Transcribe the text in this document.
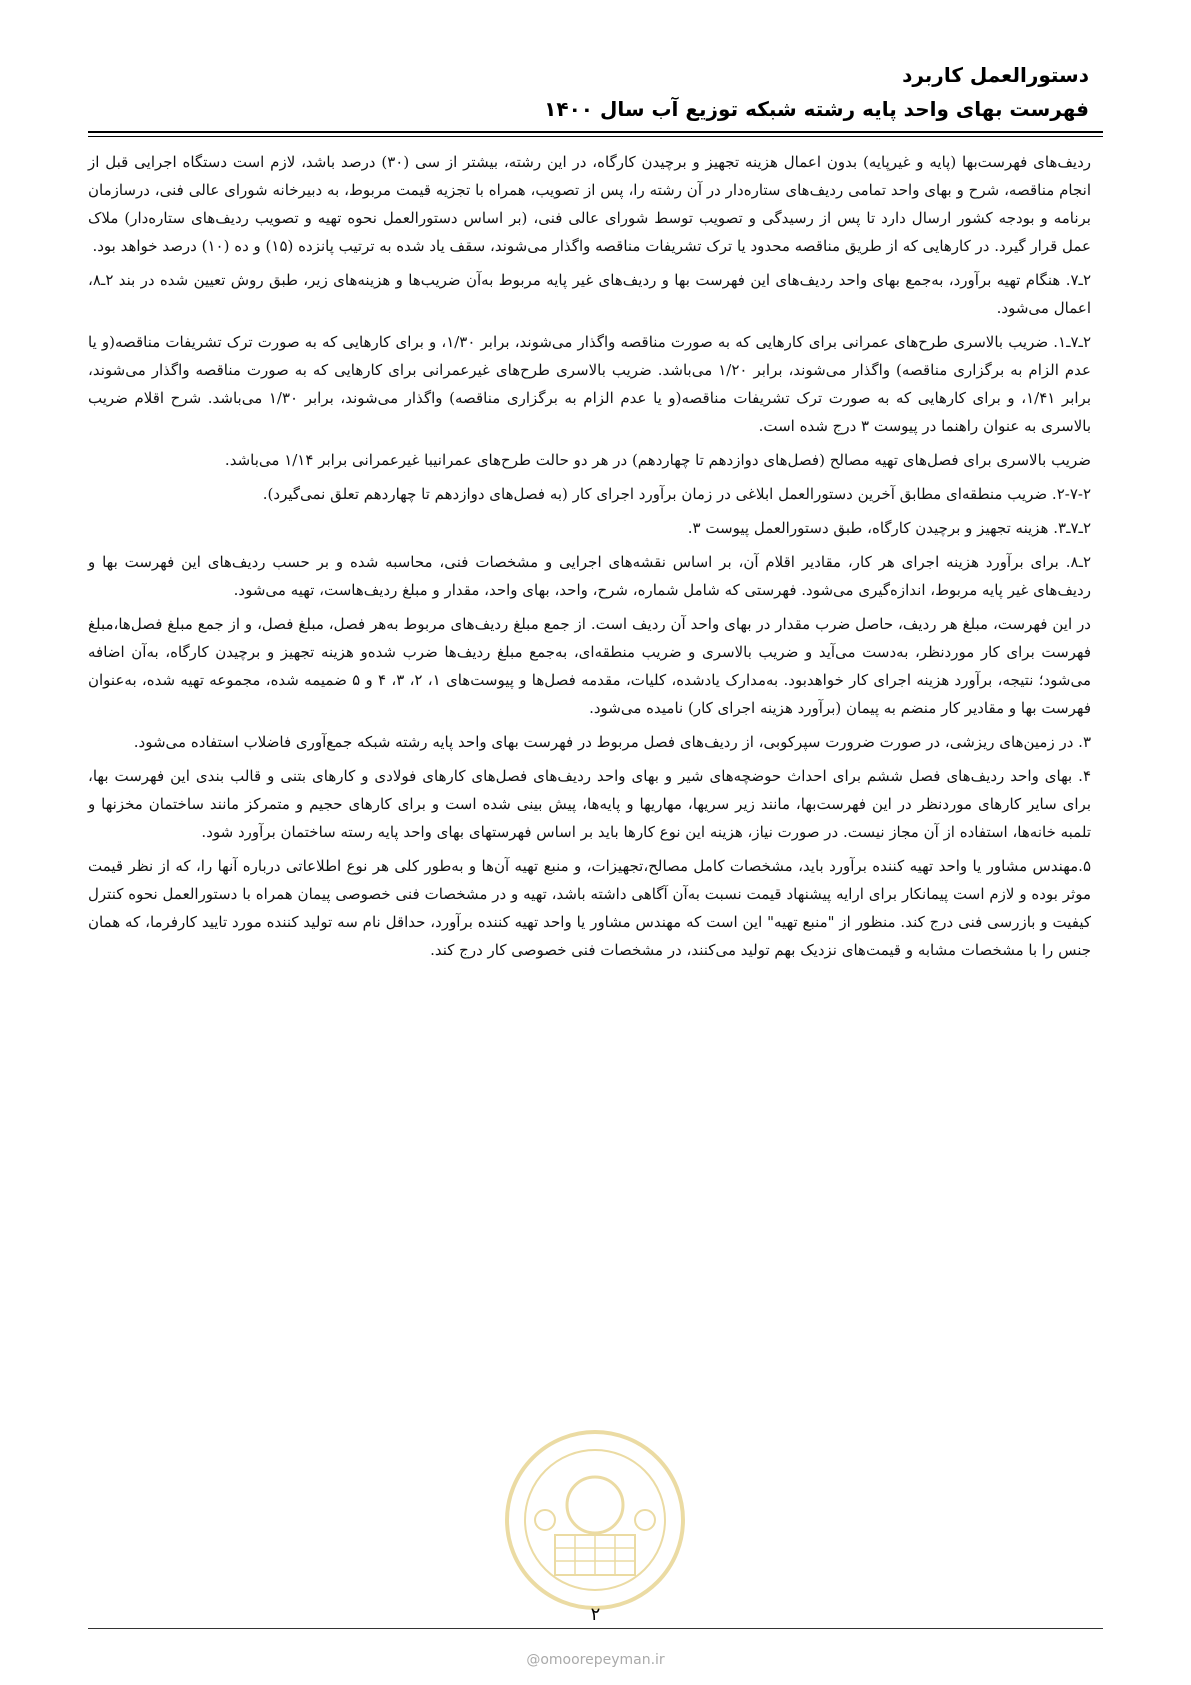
دستورالعمل کاربرد
فهرست بهای واحد پایه رشته شبکه توزیع آب سال ۱۴۰۰

ردیف‌های فهرست‌بها (پایه و غیرپایه) بدون اعمال هزینه تجهیز و برچیدن کارگاه، در این رشته، بیشتر از سی (۳۰) درصد باشد، لازم است دستگاه اجرایی قبل از انجام مناقصه، شرح و بهای واحد تمامی ردیف‌های ستاره‌دار در آن رشته را، پس از تصویب، همراه با تجزیه قیمت مربوط، به دبیرخانه شورای عالی فنی، درسازمان برنامه و بودجه کشور ارسال دارد تا پس از رسیدگی و تصویب توسط شورای عالی فنی، (بر اساس دستورالعمل نحوه تهیه و تصویب ردیف‌های ستاره‌دار) ملاک عمل قرار گیرد. در کارهایی که از طریق مناقصه محدود یا ترک تشریفات مناقصه واگذار می‌شوند، سقف یاد شده به ترتیب پانزده (۱۵) و ده (۱۰) درصد خواهد بود.

۲ـ۷. هنگام تهیه برآورد، به‌جمع بهای واحد ردیف‌های این فهرست بها و ردیف‌های غیر پایه مربوط به‌آن ضریب‌ها و هزینه‌های زیر، طبق روش تعیین شده در بند ۲ـ۸، اعمال می‌شود.

۲ـ۷ـ۱. ضریب بالاسری طرح‌های عمرانی برای کارهایی که به صورت مناقصه واگذار می‌شوند، برابر ۱/۳۰، و برای کارهایی که به صورت ترک تشریفات مناقصه(و یا عدم الزام به برگزاری مناقصه) واگذار می‌شوند، برابر ۱/۲۰ می‌باشد. ضریب بالاسری طرح‌های غیرعمرانی برای کارهایی که به صورت مناقصه واگذار می‌شوند، برابر ۱/۴۱، و برای کارهایی که به صورت ترک تشریفات مناقصه(و یا عدم الزام به برگزاری مناقصه) واگذار می‌شوند، برابر ۱/۳۰ می‌باشد. شرح اقلام ضریب بالاسری به عنوان راهنما در پیوست ۳ درج شده است.

ضریب بالاسری برای فصل‌های تهیه مصالح (فصل‌های دوازدهم تا چهاردهم) در هر دو حالت طرح‌های عمرانیبا غیرعمرانی برابر ۱/۱۴ می‌باشد.

۲-۷-۲. ضریب منطقه‌ای مطابق آخرین دستورالعمل ابلاغی در زمان برآورد اجرای کار (به فصل‌های دوازدهم تا چهاردهم تعلق نمی‌گیرد).

۲ـ۷ـ۳. هزینه تجهیز و برچیدن کارگاه، طبق دستورالعمل پیوست ۳.

۲ـ۸. برای برآورد هزینه اجرای هر کار، مقادیر اقلام آن، بر اساس نقشه‌های اجرایی و مشخصات فنی، محاسبه شده و بر حسب ردیف‌های این فهرست بها و ردیف‌های غیر پایه مربوط، اندازه‌گیری می‌شود. فهرستی که شامل شماره، شرح، واحد، بهای واحد، مقدار و مبلغ ردیف‌هاست، تهیه می‌شود.

در این فهرست، مبلغ هر ردیف، حاصل ضرب مقدار در بهای واحد آن ردیف است. از جمع مبلغ ردیف‌های مربوط به‌هر فصل، مبلغ فصل، و از جمع مبلغ فصل‌ها،مبلغ فهرست برای کار موردنظر، به‌دست می‌آید و ضریب بالاسری و ضریب منطقه‌ای، به‌جمع مبلغ ردیف‌ها ضرب شده‌و هزینه تجهیز و برچیدن کارگاه، به‌آن اضافه می‌شود؛ نتیجه، برآورد هزینه اجرای کار خواهدبود. به‌مدارک یادشده، کلیات، مقدمه فصل‌ها و پیوست‌های ۱، ۲، ۳، ۴ و ۵ ضمیمه شده، مجموعه تهیه شده، به‌عنوان فهرست بها و مقادیر کار منضم به پیمان (برآورد هزینه اجرای کار) نامیده می‌شود.

۳. در زمین‌های ریزشی، در صورت ضرورت سپرکوبی، از ردیف‌های فصل مربوط در فهرست بهای واحد پایه رشته شبکه جمع‌آوری فاضلاب استفاده می‌شود.

۴. بهای واحد ردیف‌های فصل ششم برای احداث حوضچه‌های شیر و بهای واحد ردیف‌های فصل‌های کارهای فولادی و کارهای بتنی و قالب بندی این فهرست بها، برای سایر کارهای موردنظر در این فهرست‌بها، مانند زیر سریها، مهاریها و پایه‌ها، پیش بینی شده است و برای کارهای حجیم و متمرکز مانند ساختمان مخزنها و تلمبه خانه‌ها، استفاده از آن مجاز نیست. در صورت نیاز، هزینه این نوع کارها باید بر اساس فهرستهای بهای واحد پایه رسته ساختمان برآورد شود.

۵.مهندس مشاور یا واحد تهیه کننده برآورد باید، مشخصات کامل مصالح،تجهیزات، و منبع تهیه آن‌ها و به‌طور کلی هر نوع اطلاعاتی درباره آنها را، که از نظر قیمت موثر بوده و لازم است پیمانکار برای ارایه پیشنهاد قیمت نسبت به‌آن آگاهی داشته باشد، تهیه و در مشخصات فنی خصوصی پیمان همراه با دستورالعمل نحوه کنترل کیفیت و بازرسی فنی درج کند. منظور از "منبع تهیه" این است که مهندس مشاور یا واحد تهیه کننده برآورد، حداقل نام سه تولید کننده مورد تایید کارفرما، که همان جنس را با مشخصات مشابه و قیمت‌های نزدیک بهم تولید می‌کنند، در مشخصات فنی خصوصی کار درج کند.

۲
@omoorepeyman.ir
